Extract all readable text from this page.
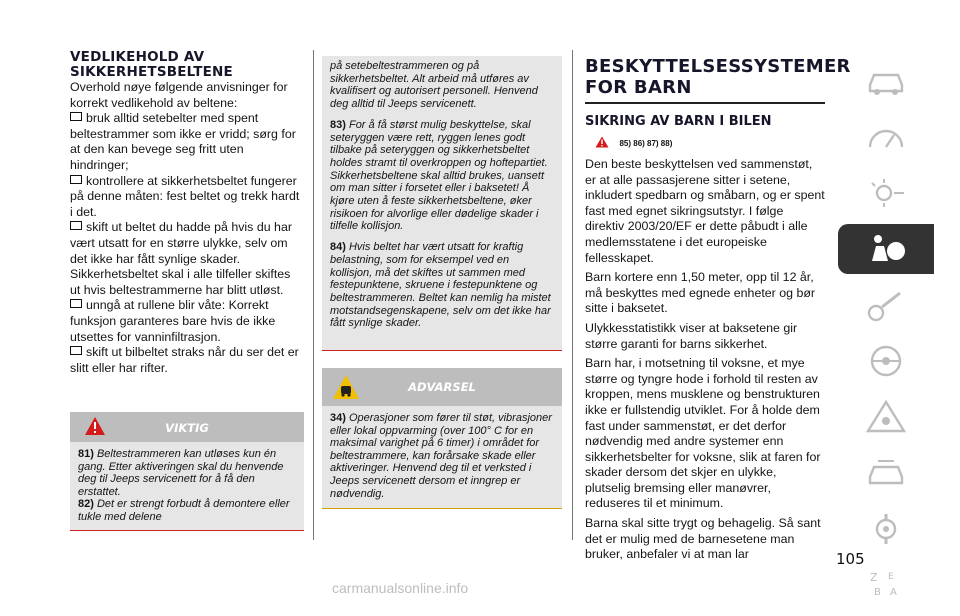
VEDLIKEHOLD AV
SIKKERHETSBELTENE

Overhold nøye følgende anvisninger for korrekt vedlikehold av beltene:

bruk alltid setebelter med spent beltestrammer som ikke er vridd; sørg for at den kan bevege seg fritt uten hindringer;
kontrollere at sikkerhetsbeltet fungerer på denne måten: fest beltet og trekk hardt i det.
skift ut beltet du hadde på hvis du har vært utsatt for en større ulykke, selv om det ikke har fått synlige skader. Sikkerhetsbeltet skal i alle tilfeller skiftes ut hvis beltestrammerne har blitt utløst.
unngå at rullene blir våte: Korrekt funksjon garanteres bare hvis de ikke utsettes for vanninfiltrasjon.
skift ut bilbeltet straks når du ser det er slitt eller har rifter.
VIKTIG
81) Beltestrammeren kan utløses kun én gang. Etter aktiveringen skal du henvende deg til Jeeps servicenett for å få den erstattet.
82) Det er strengt forbudt å demontere eller tukle med delene

på setebeltestrammeren og på sikkerhetsbeltet. Alt arbeid må utføres av kvalifisert og autorisert personell. Henvend deg alltid til Jeeps servicenett.

83) For å få størst mulig beskyttelse, skal seteryggen være rett, ryggen lenes godt tilbake på seteryggen og sikkerhetsbeltet holdes stramt til overkroppen og hoftepartiet. Sikkerhetsbeltene skal alltid brukes, uansett om man sitter i forsetet eller i baksetet! Å kjøre uten å feste sikkerhetsbeltene, øker risikoen for alvorlige eller dødelige skader i tilfelle kollisjon.

84) Hvis beltet har vært utsatt for kraftig belastning, som for eksempel ved en kollisjon, må det skiftes ut sammen med festepunktene, skruene i festepunktene og beltestrammeren. Beltet kan nemlig ha mistet motstandsegenskapene, selv om det ikke har fått synlige skader.

ADVARSEL
34) Operasjoner som fører til støt, vibrasjoner eller lokal oppvarming (over 100° C for en maksimal varighet på 6 timer) i området for beltestrammere, kan forårsake skade eller aktiveringer. Henvend deg til et verksted i Jeeps servicenett dersom et inngrep er nødvendig.
BESKYTTELSESSYSTEMER
FOR BARN
SIKRING AV BARN I BILEN
85) 86) 87) 88)

Den beste beskyttelsen ved sammenstøt, er at alle passasjerene sitter i setene, inkludert spedbarn og småbarn, og er spent fast med egnet sikringsutstyr. I følge direktiv 2003/20/EF er dette påbudt i alle medlemsstatene i det europeiske fellesskapet.

Barn kortere enn 1,50 meter, opp til 12 år, må beskyttes med egnede enheter og bør sitte i baksetet.

Ulykkesstatistikk viser at baksetene gir større garanti for barns sikkerhet.

Barn har, i motsetning til voksne, et mye større og tyngre hode i forhold til resten av kroppen, mens musklene og benstrukturen ikke er fullstendig utviklet. For å holde dem fast under sammenstøt, er det derfor nødvendig med andre systemer enn sikkerhetsbelter for voksne, slik at faren for skader dersom det skjer en ulykke, plutselig bremsing eller manøvrer, reduseres til et minimum.

Barna skal sitte trygt og behagelig. Så sant det er mulig med de barnesetene man bruker, anbefaler vi at man lar

Z E
B A
105
carmanualsonline.info
